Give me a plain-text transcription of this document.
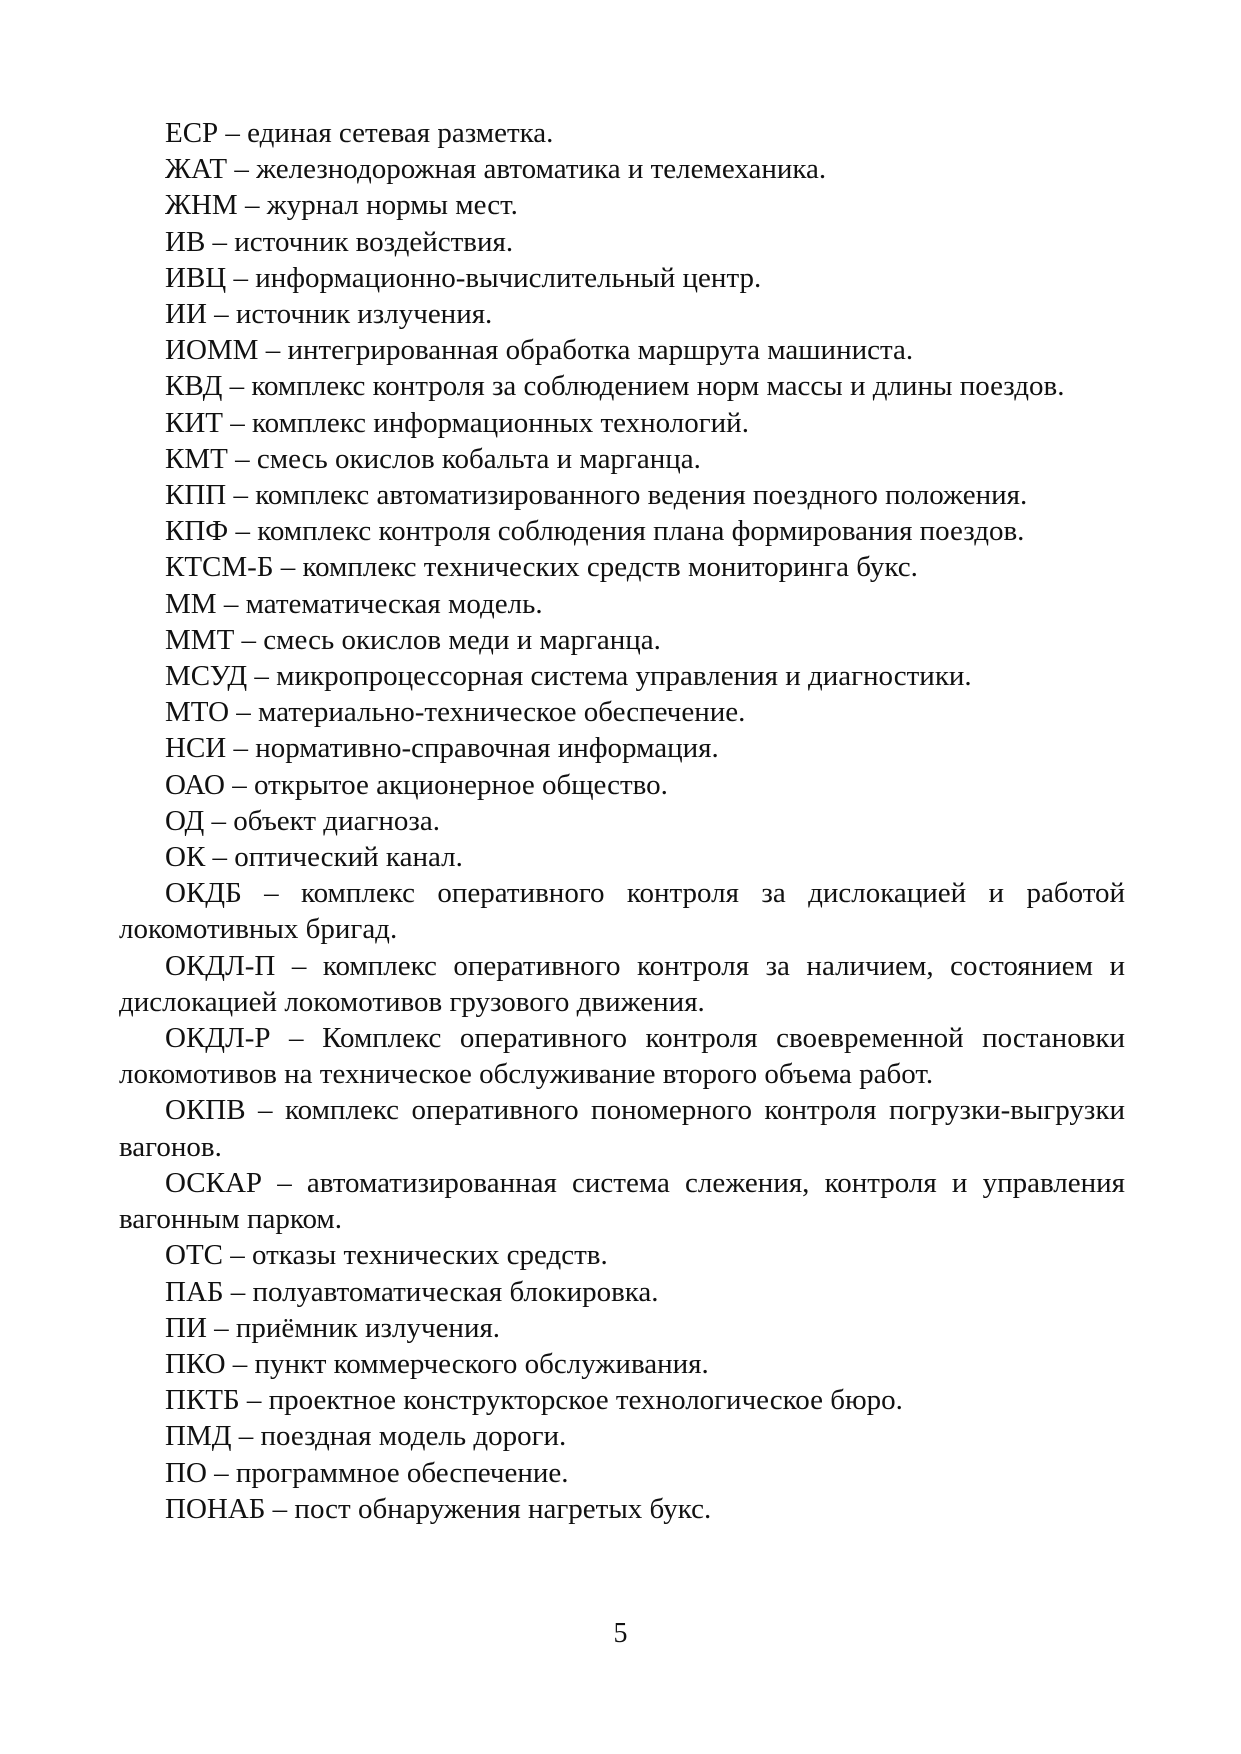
ЕСР – единая сетевая разметка.

ЖАТ – железнодорожная автоматика и телемеханика.

ЖНМ – журнал нормы мест.

ИВ – источник воздействия.

ИВЦ – информационно-вычислительный центр.

ИИ – источник излучения.

ИОММ – интегрированная обработка маршрута машиниста.

КВД – комплекс контроля за соблюдением норм массы и длины поездов.

КИТ – комплекс информационных технологий.

КМТ – смесь окислов кобальта и марганца.

КПП – комплекс автоматизированного ведения поездного положения.

КПФ – комплекс контроля соблюдения плана формирования поездов.

КТСМ-Б – комплекс технических средств мониторинга букс.

ММ – математическая модель.

ММТ – смесь окислов меди и марганца.

МСУД – микропроцессорная система управления и диагностики.

МТО – материально-техническое обеспечение.

НСИ – нормативно-справочная информация.

ОАО – открытое акционерное общество.

ОД – объект диагноза.

ОК – оптический канал.

ОКДБ – комплекс оперативного контроля за дислокацией и работой локомотивных бригад.

ОКДЛ-П – комплекс оперативного контроля за наличием, состоянием и дислокацией локомотивов грузового движения.

ОКДЛ-Р – Комплекс оперативного контроля своевременной постановки локомотивов на техническое обслуживание второго объема работ.

ОКПВ – комплекс оперативного пономерного контроля погрузки-выгрузки вагонов.

ОСКАР – автоматизированная система слежения, контроля и управления вагонным парком.

ОТС – отказы технических средств.

ПАБ – полуавтоматическая блокировка.

ПИ – приёмник излучения.

ПКО – пункт коммерческого обслуживания.

ПКТБ – проектное конструкторское технологическое бюро.

ПМД – поездная модель дороги.

ПО – программное обеспечение.

ПОНАБ – пост обнаружения нагретых букс.

5
